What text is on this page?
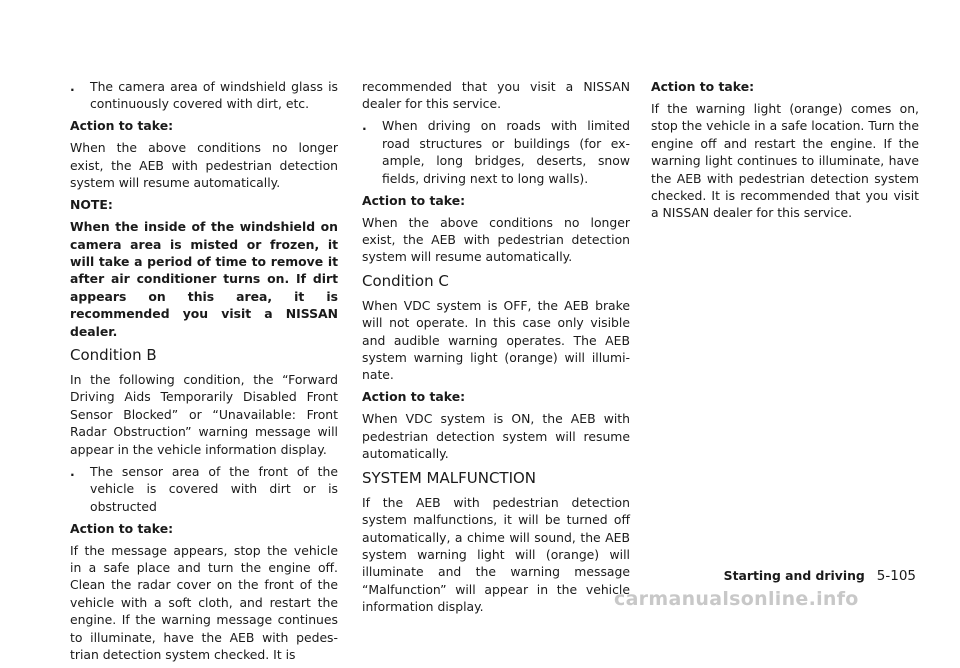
. The camera area of windshield glass is continuously covered with dirt, etc.

Action to take:

When the above conditions no longer exist, the AEB with pedestrian detection system will resume automatically.

NOTE:

When the inside of the windshield on camera area is misted or frozen, it will take a period of time to remove it after air conditioner turns on. If dirt appears on this area, it is recommended you visit a NISSAN dealer.

Condition B

In the following condition, the “Forward Driving Aids Temporarily Disabled Front Sensor Blocked” or “Unavailable: Front Radar Obstruction” warning message will appear in the vehicle information display.

. The sensor area of the front of the vehicle is covered with dirt or is obstructed

Action to take:

If the message appears, stop the vehicle in a safe place and turn the engine off. Clean the radar cover on the front of the vehicle with a soft cloth, and restart the engine. If the warning message continues to illuminate, have the AEB with pedes-trian detection system checked. It is

recommended that you visit a NISSAN dealer for this service.

. When driving on roads with limited road structures or buildings (for ex-ample, long bridges, deserts, snow fields, driving next to long walls).

Action to take:

When the above conditions no longer exist, the AEB with pedestrian detection system will resume automatically.

Condition C

When VDC system is OFF, the AEB brake will not operate. In this case only visible and audible warning operates. The AEB system warning light (orange) will illumi-nate.

Action to take:

When VDC system is ON, the AEB with pedestrian detection system will resume automatically.

SYSTEM MALFUNCTION

If the AEB with pedestrian detection system malfunctions, it will be turned off automatically, a chime will sound, the AEB system warning light will (orange) will illuminate and the warning message “Malfunction” will appear in the vehicle information display.

Action to take:

If the warning light (orange) comes on, stop the vehicle in a safe location. Turn the engine off and restart the engine. If the warning light continues to illuminate, have the AEB with pedestrian detection system checked. It is recommended that you visit a NISSAN dealer for this service.

Starting and driving 5-105
carmanualsonline.info
